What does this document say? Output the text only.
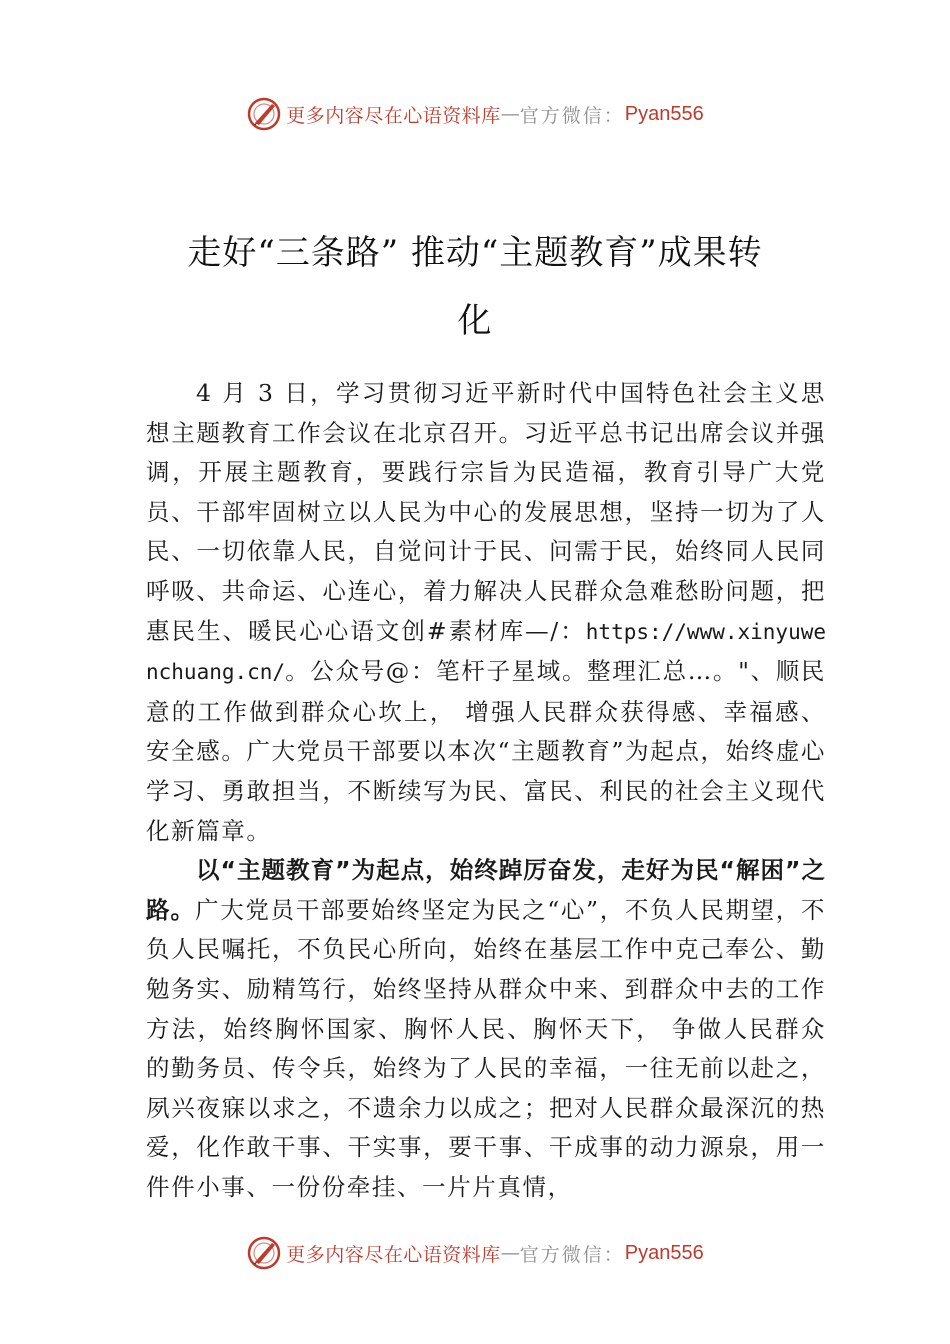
更多内容尽在心语资料库 — 官方微信： Pyan556
走好“三条路” 推动“主题教育”成果转
化

4 月 3 日，学习贯彻习近平新时代中国特色社会主义思想主题教育工作会议在北京召开。习近平总书记出席会议并强调，开展主题教育，要践行宗旨为民造福，教育引导广大党员、干部牢固树立以人民为中心的发展思想，坚持一切为了人民、一切依靠人民，自觉问计于民、问需于民，始终同人民同呼吸、共命运、心连心，着力解决人民群众急难愁盼问题，把惠民生、暖民心心语文创#素材库—/：https://www.xinyuwenchuang.cn/。公众号@：笔杆子星域。整理汇总…。"、顺民意的工作做到群众心坎上， 增强人民群众获得感、幸福感、安全感。广大党员干部要以本次“主题教育”为起点，始终虚心学习、勇敢担当，不断续写为民、富民、利民的社会主义现代化新篇章。

以“主题教育”为起点，始终踔厉奋发，走好为民“解困”之路。广大党员干部要始终坚定为民之“心”，不负人民期望，不负人民嘱托，不负民心所向，始终在基层工作中克己奉公、勤勉务实、励精笃行，始终坚持从群众中来、到群众中去的工作方法，始终胸怀国家、胸怀人民、胸怀天下， 争做人民群众的勤务员、传令兵，始终为了人民的幸福，一往无前以赴之，夙兴夜寐以求之，不遗余力以成之；把对人民群众最深沉的热爱，化作敢干事、干实事，要干事、干成事的动力源泉，用一件件小事、一份份牵挂、一片片真情，

更多内容尽在心语资料库 — 官方微信： Pyan556
